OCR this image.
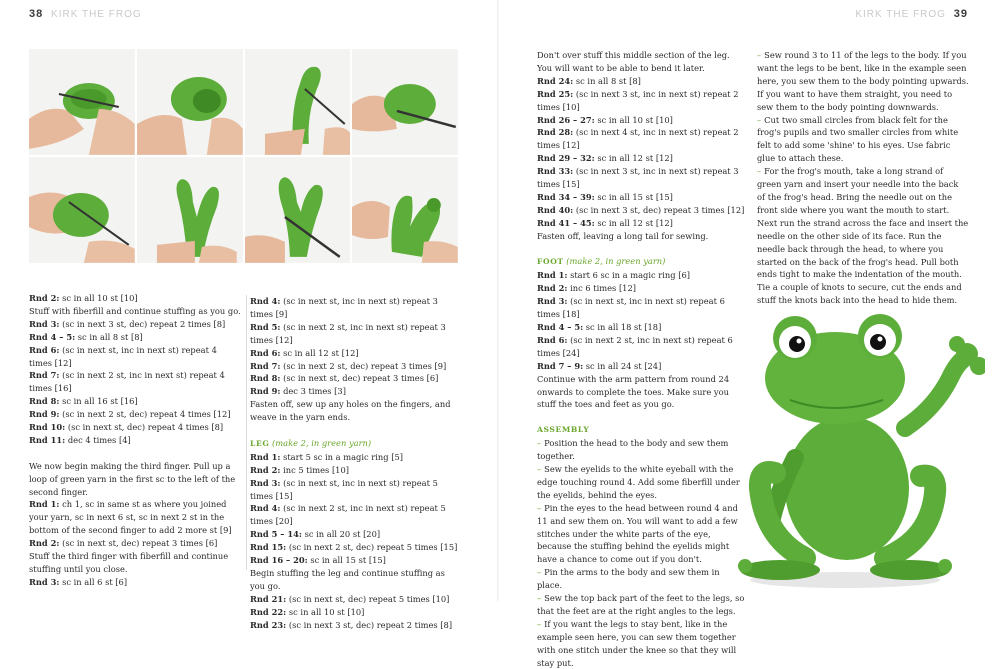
38 KIRK THE FROG	KIRK THE FROG 39

Rnd 2: sc in all 10 st [10]

Stuff with fiberfill and continue stuffing as you go.

Rnd 3: (sc in next 3 st, dec) repeat 2 times [8]

Rnd 4 – 5: sc in all 8 st [8]

Rnd 6: (sc in next st, inc in next st) repeat 4 times [12]

Rnd 7: (sc in next 2 st, inc in next st) repeat 4 times [16]

Rnd 8: sc in all 16 st [16]

Rnd 9: (sc in next 2 st, dec) repeat 4 times [12]

Rnd 10: (sc in next st, dec) repeat 4 times [8]

Rnd 11: dec 4 times [4]

We now begin making the third finger. Pull up a loop of green yarn in the first sc to the left of the second finger.

Rnd 1: ch 1, sc in same st as where you joined your yarn, sc in next 6 st, sc in next 2 st in the bottom of the second finger to add 2 more st [9]

Rnd 2: (sc in next st, dec) repeat 3 times [6]

Stuff the third finger with fiberfill and continue stuffing until you close.

Rnd 3: sc in all 6 st [6]

Rnd 4: (sc in next st, inc in next st) repeat 3 times [9]

Rnd 5: (sc in next 2 st, inc in next st) repeat 3 times [12]

Rnd 6: sc in all 12 st [12]

Rnd 7: (sc in next 2 st, dec) repeat 3 times [9]

Rnd 8: (sc in next st, dec) repeat 3 times [6]

Rnd 9: dec 3 times [3]

Fasten off, sew up any holes on the fingers, and weave in the yarn ends.

LEG (make 2, in green yarn)

Rnd 1: start 5 sc in a magic ring [5]

Rnd 2: inc 5 times [10]

Rnd 3: (sc in next st, inc in next st) repeat 5 times [15]

Rnd 4: (sc in next 2 st, inc in next st) repeat 5 times [20]

Rnd 5 – 14: sc in all 20 st [20]

Rnd 15: (sc in next 2 st, dec) repeat 5 times [15]

Rnd 16 – 20: sc in all 15 st [15]

Begin stuffing the leg and continue stuffing as you go.

Rnd 21: (sc in next st, dec) repeat 5 times [10]

Rnd 22: sc in all 10 st [10]

Rnd 23: (sc in next 3 st, dec) repeat 2 times [8]

Don't over stuff this middle section of the leg. You will want to be able to bend it later.

Rnd 24: sc in all 8 st [8]

Rnd 25: (sc in next 3 st, inc in next st) repeat 2 times [10]

Rnd 26 – 27: sc in all 10 st [10]

Rnd 28: (sc in next 4 st, inc in next st) repeat 2 times [12]

Rnd 29 – 32: sc in all 12 st [12]

Rnd 33: (sc in next 3 st, inc in next st) repeat 3 times [15]

Rnd 34 – 39: sc in all 15 st [15]

Rnd 40: (sc in next 3 st, dec) repeat 3 times [12]

Rnd 41 – 45: sc in all 12 st [12]

Fasten off, leaving a long tail for sewing.

FOOT (make 2, in green yarn)

Rnd 1: start 6 sc in a magic ring [6]

Rnd 2: inc 6 times [12]

Rnd 3: (sc in next st, inc in next st) repeat 6 times [18]

Rnd 4 – 5: sc in all 18 st [18]

Rnd 6: (sc in next 2 st, inc in next st) repeat 6 times [24]

Rnd 7 – 9: sc in all 24 st [24]

Continue with the arm pattern from round 24 onwards to complete the toes. Make sure you stuff the toes and feet as you go.

ASSEMBLY

– Position the head to the body and sew them together.

– Sew the eyelids to the white eyeball with the edge touching round 4. Add some fiberfill under the eyelids, behind the eyes.

– Pin the eyes to the head between round 4 and 11 and sew them on. You will want to add a few stitches under the white parts of the eye, because the stuffing behind the eyelids might have a chance to come out if you don't.

– Pin the arms to the body and sew them in place.

– Sew the top back part of the feet to the legs, so that the feet are at the right angles to the legs.

– If you want the legs to stay bent, like in the example seen here, you can sew them together with one stitch under the knee so that they will stay put.

– Sew round 3 to 11 of the legs to the body. If you want the legs to be bent, like in the example seen here, you sew them to the body pointing upwards. If you want to have them straight, you need to sew them to the body pointing downwards.

– Cut two small circles from black felt for the frog's pupils and two smaller circles from white felt to add some 'shine' to his eyes. Use fabric glue to attach these.

– For the frog's mouth, take a long strand of green yarn and insert your needle into the back of the frog's head. Bring the needle out on the front side where you want the mouth to start. Next run the strand across the face and insert the needle on the other side of its face. Run the needle back through the head, to where you started on the back of the frog's head. Pull both ends tight to make the indentation of the mouth. Tie a couple of knots to secure, cut the ends and stuff the knots back into the head to hide them.
